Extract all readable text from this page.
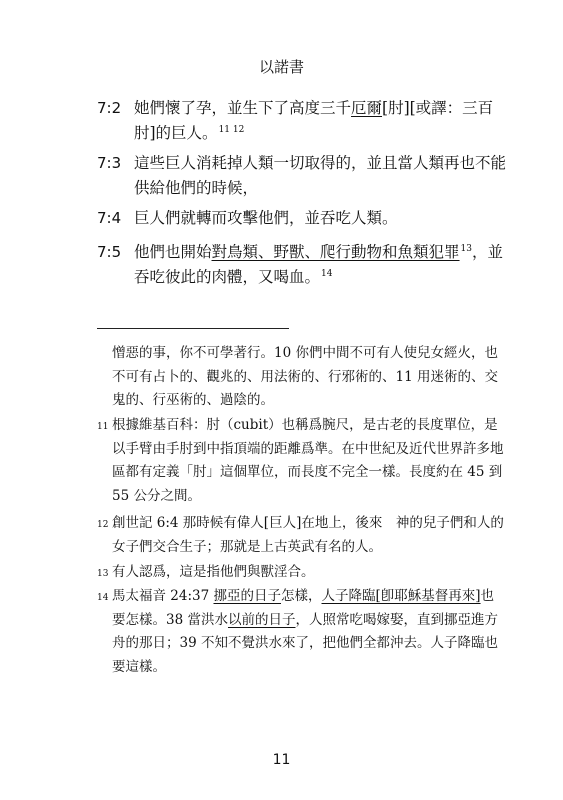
以諾書
7:2 她們懷了孕，並生下了高度三千厄爾[肘][或譯：三百肘]的巨人。$^{11 12}$
7:3 這些巨人消耗掉人類一切取得的，並且當人類再也不能供給他們的時候，
7:4 巨人們就轉而攻擊他們，並吞吃人類。
7:5 他們也開始對鳥類、野獸、爬行動物和魚類犯罪$^{13}$，並吞吃彼此的肉體，又喝血。$^{14}$
憎惡的事，你不可學著行。10 你們中間不可有人使兒女經火，也不可有占卜的、觀兆的、用法術的、行邪術的、11 用迷術的、交鬼的、行巫術的、過陰的。
11 根據維基百科：肘（cubit）也稱爲腕尺，是古老的長度單位，是以手臂由手肘到中指頂端的距離爲準。在中世紀及近代世界許多地區都有定義「肘」這個單位，而長度不完全一樣。長度約在 45 到 55 公分之間。
12 創世記 6:4 那時候有偉人[巨人]在地上，後來　神的兒子們和人的女子們交合生子；那就是上古英武有名的人。
13 有人認爲，這是指他們與獸淫合。
14 馬太福音 24:37 挪亞的日子怎樣，人子降臨[卽耶穌基督再來]也要怎樣。38 當洪水以前的日子，人照常吃喝嫁娶，直到挪亞進方舟的那日；39 不知不覺洪水來了，把他們全都沖去。人子降臨也要這樣。
11
